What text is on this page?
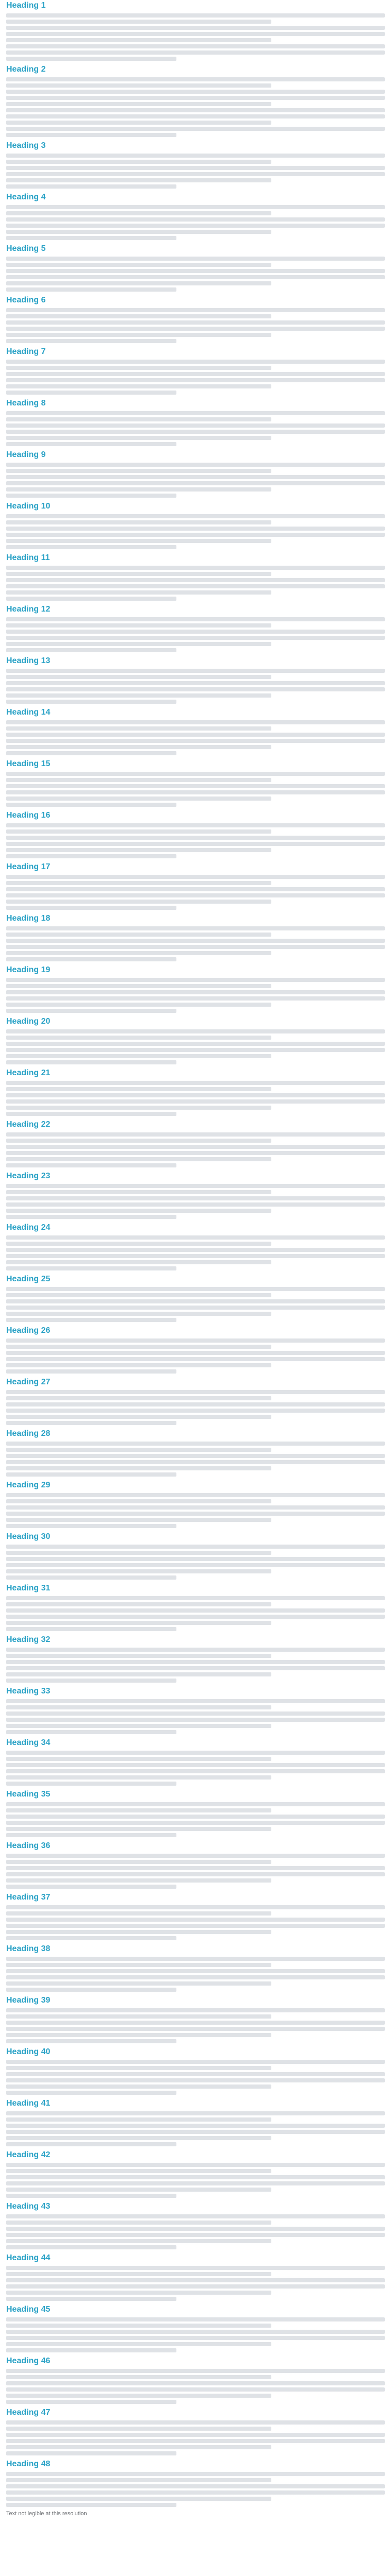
Heading 1
Heading 2
Heading 3
Heading 4
Heading 5
Heading 6
Heading 7
Heading 8
Heading 9
Heading 10
Heading 11
Heading 12
Heading 13
Heading 14
Heading 15
Heading 16
Heading 17
Heading 18
Heading 19
Heading 20
Heading 21
Heading 22
Heading 23
Heading 24
Heading 25
Heading 26
Heading 27
Heading 28
Heading 29
Heading 30
Heading 31
Heading 32
Heading 33
Heading 34
Heading 35
Heading 36
Heading 37
Heading 38
Heading 39
Heading 40
Heading 41
Heading 42
Heading 43
Heading 44
Heading 45
Heading 46
Heading 47
Heading 48

Text not legible at this resolution
